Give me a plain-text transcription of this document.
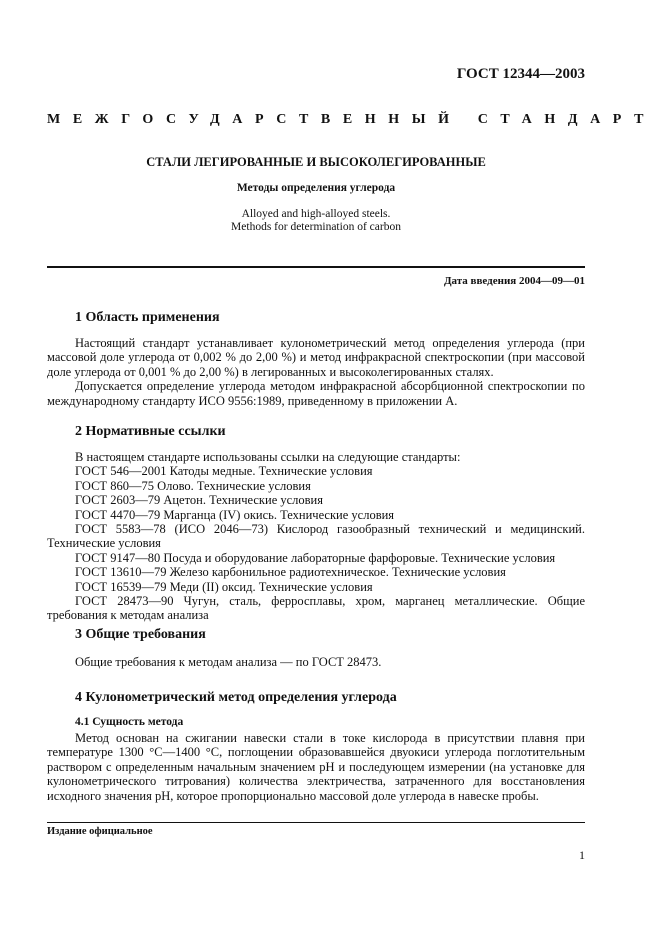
ГОСТ 12344—2003
МЕЖГОСУДАРСТВЕННЫЙ СТАНДАРТ
СТАЛИ ЛЕГИРОВАННЫЕ И ВЫСОКОЛЕГИРОВАННЫЕ
Методы определения углерода
Alloyed and high-alloyed steels.
Methods for determination of carbon
Дата введения 2004—09—01
1 Область применения

Настоящий стандарт устанавливает кулонометрический метод определения углерода (при массовой доле углерода от 0,002 % до 2,00 %) и метод инфракрасной спектроскопии (при массовой доле углерода от 0,001 % до 2,00 %) в легированных и высоколегированных сталях.

Допускается определение углерода методом инфракрасной абсорбционной спектроскопии по международному стандарту ИСО 9556:1989, приведенному в приложении А.

2 Нормативные ссылки
В настоящем стандарте использованы ссылки на следующие стандарты:
ГОСТ 546—2001 Катоды медные. Технические условия
ГОСТ 860—75 Олово. Технические условия
ГОСТ 2603—79 Ацетон. Технические условия
ГОСТ 4470—79 Марганца (IV) окись. Технические условия
ГОСТ 5583—78 (ИСО 2046—73) Кислород газообразный технический и медицинский. Технические условия
ГОСТ 9147—80 Посуда и оборудование лабораторные фарфоровые. Технические условия
ГОСТ 13610—79 Железо карбонильное радиотехническое. Технические условия
ГОСТ 16539—79 Меди (II) оксид. Технические условия
ГОСТ 28473—90 Чугун, сталь, ферросплавы, хром, марганец металлические. Общие требования к методам анализа
3 Общие требования

Общие требования к методам анализа — по ГОСТ 28473.

4 Кулонометрический метод определения углерода
4.1 Сущность метода

Метод основан на сжигании навески стали в токе кислорода в присутствии плавня при температуре 1300 °С—1400 °С, поглощении образовавшейся двуокиси углерода поглотительным раствором с определенным начальным значением pH и последующем измерении (на установке для кулонометрического титрования) количества электричества, затраченного для восстановления исходного значения pH, которое пропорционально массовой доле углерода в навеске пробы.

Издание официальное
1
